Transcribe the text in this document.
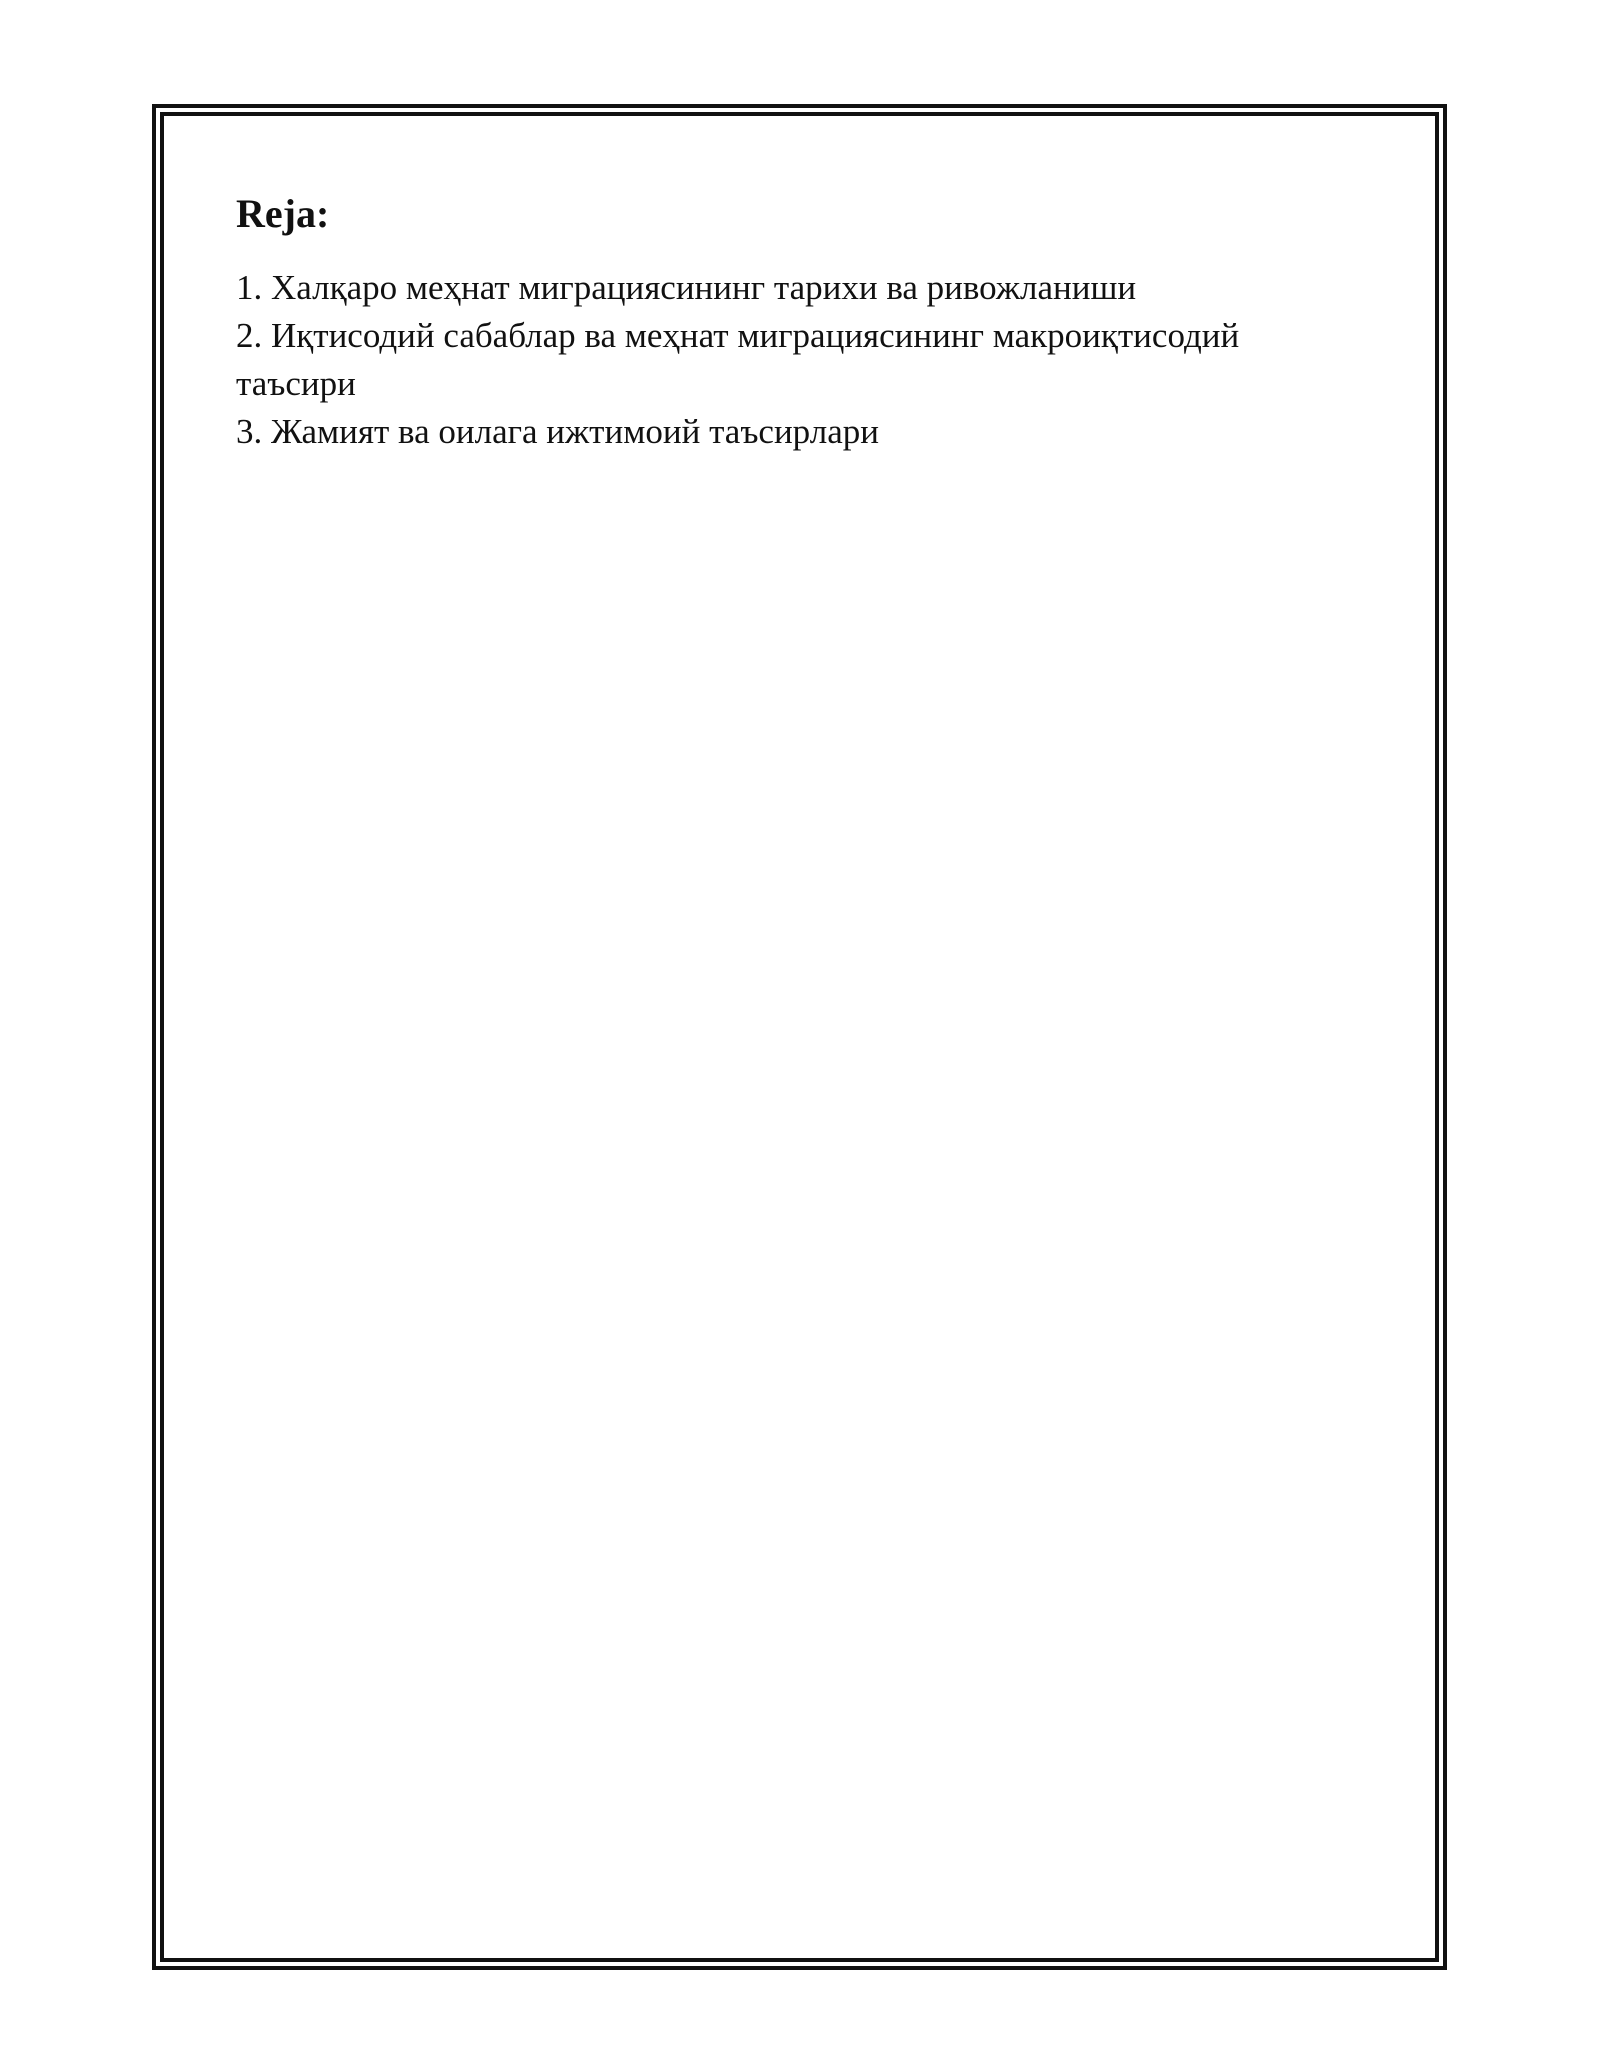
Reja:
1. Халқаро меҳнат миграциясининг тарихи ва ривожланиши
2. Иқтисодий сабаблар ва меҳнат миграциясининг макроиқтисодий таъсири
3. Жамият ва оилага ижтимоий таъсирлари
